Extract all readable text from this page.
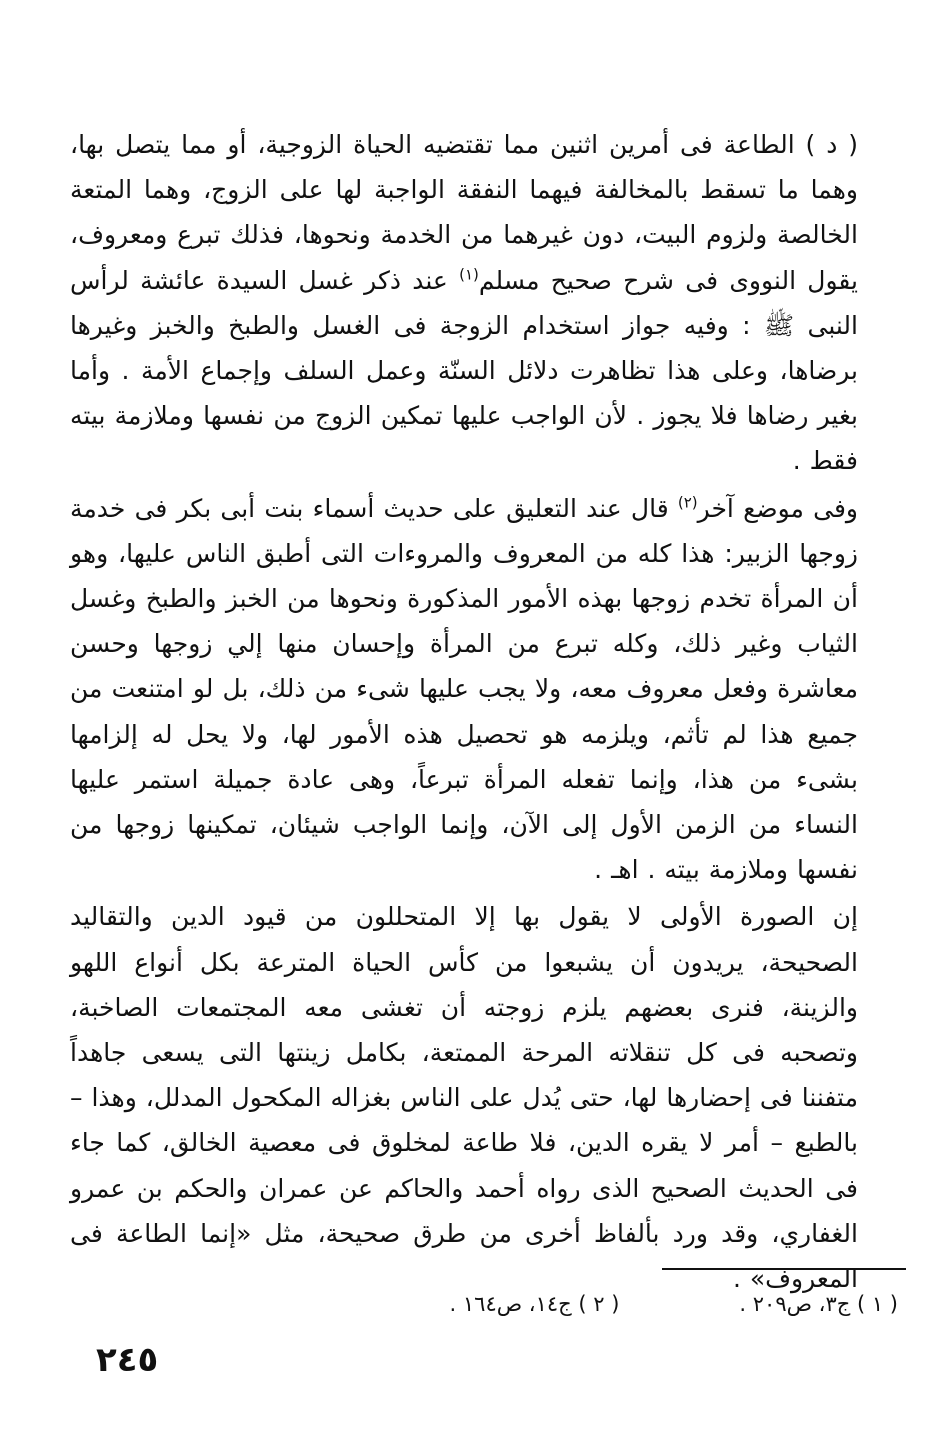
( د ) الطاعة فى أمرين اثنين مما تقتضيه الحياة الزوجية، أو مما يتصل بها، وهما ما تسقط بالمخالفة فيهما النفقة الواجبة لها على الزوج، وهما المتعة الخالصة ولزوم البيت، دون غيرهما من الخدمة ونحوها، فذلك تبرع ومعروف، يقول النووى فى شرح صحيح مسلم$^{(١)}$ عند ذكر غسل السيدة عائشة لرأس النبى ﷺ : وفيه جواز استخدام الزوجة فى الغسل والطبخ والخبز وغيرها برضاها، وعلى هذا تظاهرت دلائل السنّة وعمل السلف وإجماع الأمة . وأما بغير رضاها فلا يجوز . لأن الواجب عليها تمكين الزوج من نفسها وملازمة بيته فقط .

وفى موضع آخر$^{(٢)}$ قال عند التعليق على حديث أسماء بنت أبى بكر فى خدمة زوجها الزبير: هذا كله من المعروف والمروءات التى أطبق الناس عليها، وهو أن المرأة تخدم زوجها بهذه الأمور المذكورة ونحوها من الخبز والطبخ وغسل الثياب وغير ذلك، وكله تبرع من المرأة وإحسان منها إلي زوجها وحسن معاشرة وفعل معروف معه، ولا يجب عليها شىء من ذلك، بل لو امتنعت من جميع هذا لم تأثم، ويلزمه هو تحصيل هذه الأمور لها، ولا يحل له إلزامها بشىء من هذا، وإنما تفعله المرأة تبرعاً، وهى عادة جميلة استمر عليها النساء من الزمن الأول إلى الآن، وإنما الواجب شيئان، تمكينها زوجها من نفسها وملازمة بيته . اهـ .

إن الصورة الأولى لا يقول بها إلا المتحللون من قيود الدين والتقاليد الصحيحة، يريدون أن يشبعوا من كأس الحياة المترعة بكل أنواع اللهو والزينة، فنرى بعضهم يلزم زوجته أن تغشى معه المجتمعات الصاخبة، وتصحبه فى كل تنقلاته المرحة الممتعة، بكامل زينتها التى يسعى جاهداً متفننا فى إحضارها لها، حتى يُدل على الناس بغزاله المكحول المدلل، وهذا – بالطبع – أمر لا يقره الدين، فلا طاعة لمخلوق فى معصية الخالق، كما جاء فى الحديث الصحيح الذى رواه أحمد والحاكم عن عمران والحكم بن عمرو الغفاري، وقد ورد بألفاظ أخرى من طرق صحيحة، مثل «إنما الطاعة فى المعروف» .

( ١ ) ج٣، ص٢٠٩ .
( ٢ ) ج١٤، ص١٦٤ .
٢٤٥
